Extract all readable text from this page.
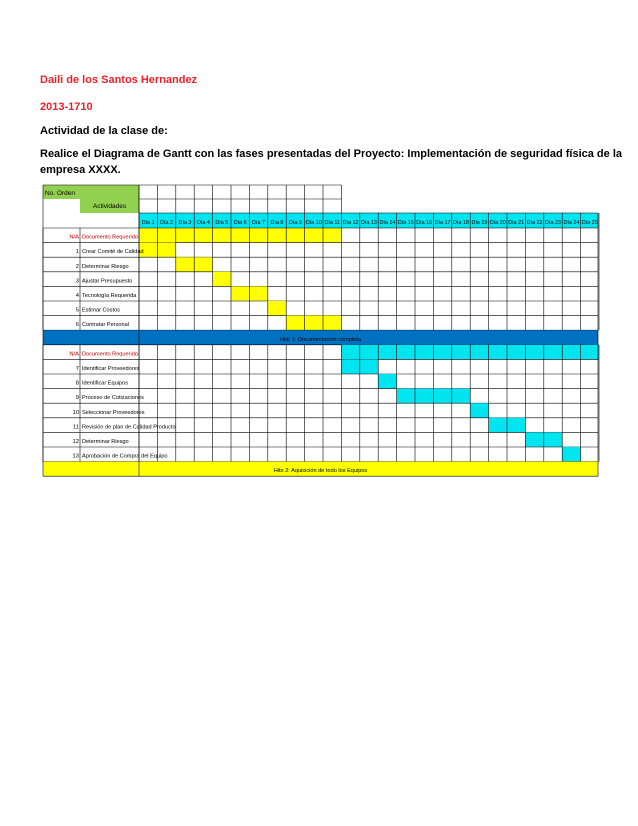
Daili de los Santos Hernandez
2013-1710
Actividad de la clase de:
Realice el Diagrama de Gantt con las fases presentadas del Proyecto: Implementación de seguridad física de la
empresa XXXX.
No. Orden
Actividades
Día 1 Día 2 Día 3 Día 4 Día 5 Día 6 Día 7 Día 8 Día 9 Día 10 Día 11 Día 12 Día 13 Día 14 Día 15 Día 16 Día 17 Día 18 Día 19 Día 20 Día 21 Día 22 Día 23 Día 24 Día 25
N/A Documento Requerido
1 Crear Comité de Calidad
2 Determinar Riesgo
3 Ajustar Presupuesto
4 Tecnología Requerida
5 Estimar Costos
6 Contratar Personal
Hito 1: Documentación completa
N/A Documento Requerido
7 Identificar Proveedores
8 Identificar Equipos
9 Proceso de Cotizaciones
10 Seleccionar Proveedores
11 Revisión de plan de Calidad Producto
12 Determinar Riesgo
13 Aprobación de Compra del Equipo
Hito 2: Aquisición de todo los Equipos
